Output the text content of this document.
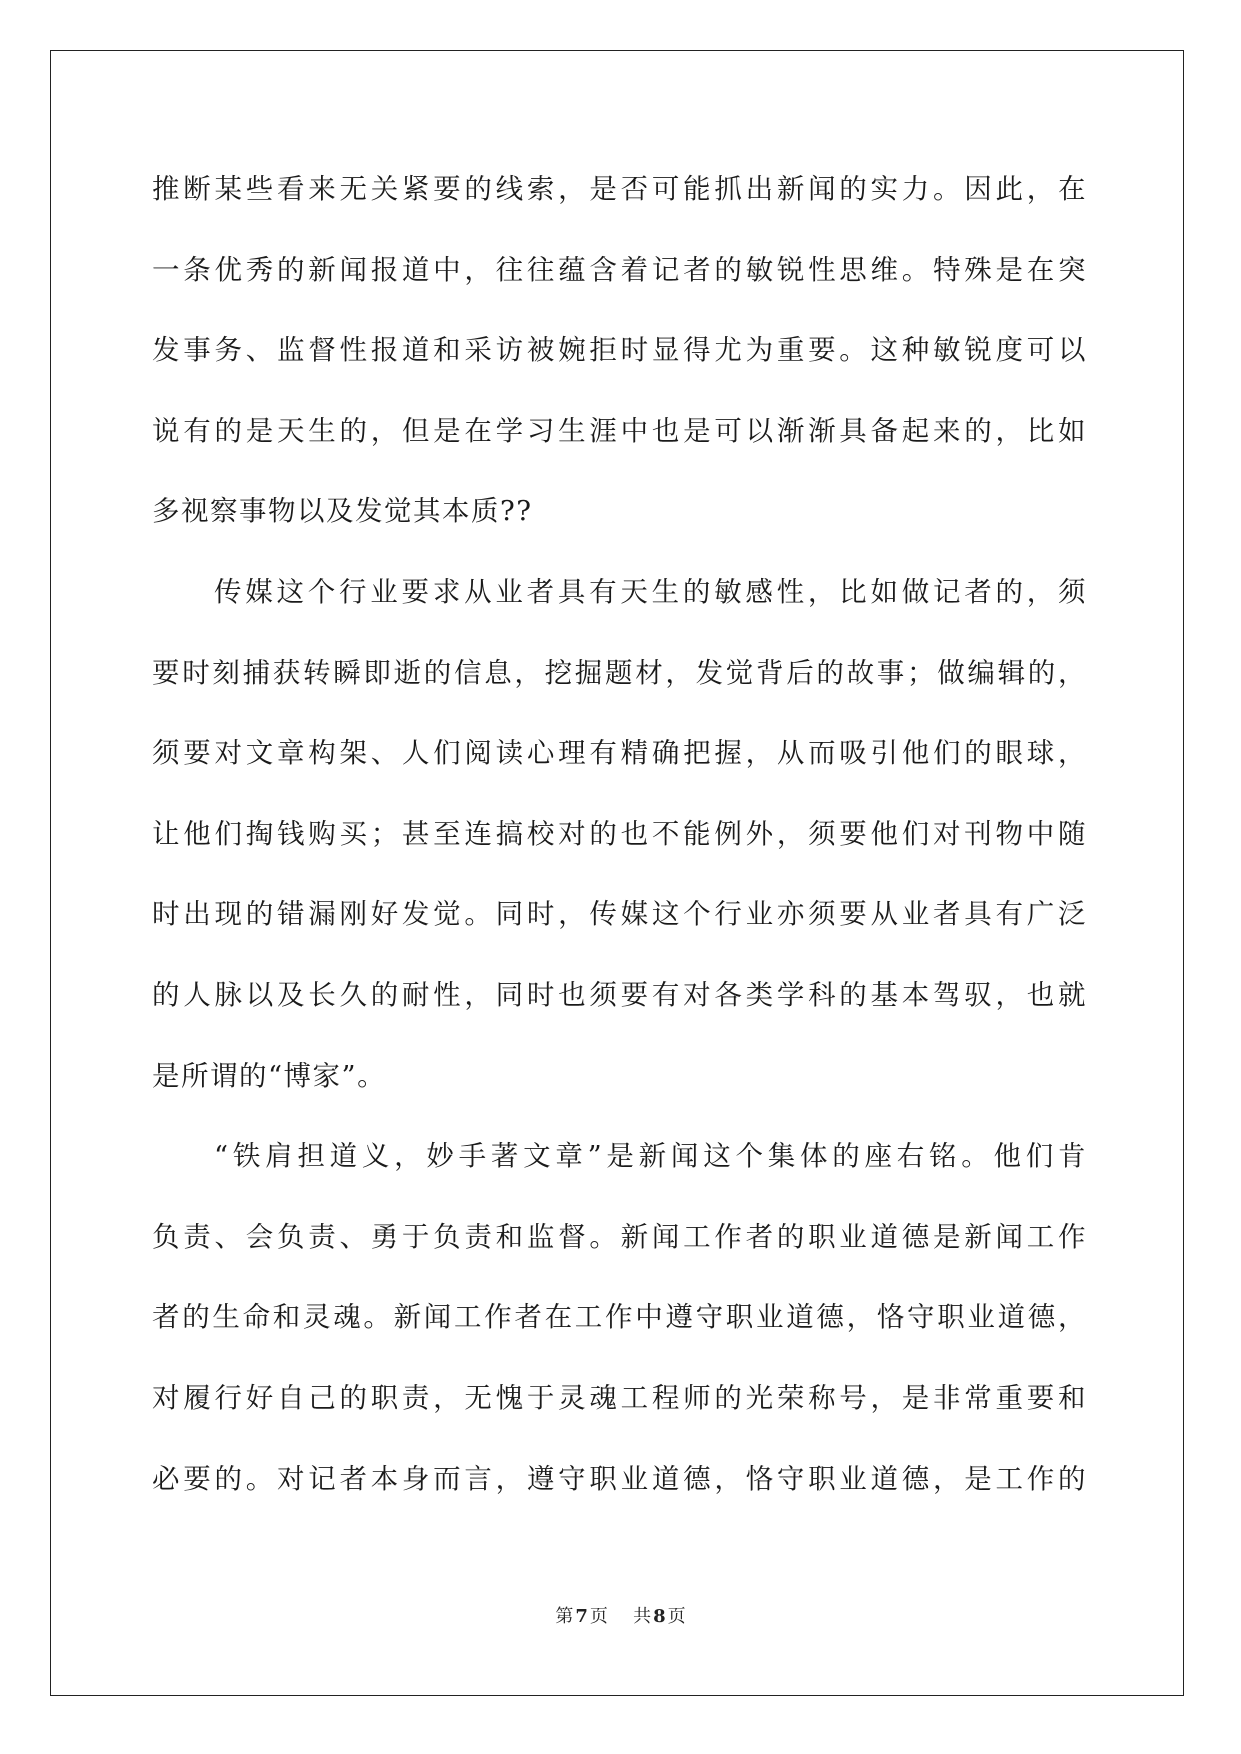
推断某些看来无关紧要的线索，是否可能抓出新闻的实力。因此，在
一条优秀的新闻报道中，往往蕴含着记者的敏锐性思维。特殊是在突
发事务、监督性报道和采访被婉拒时显得尤为重要。这种敏锐度可以
说有的是天生的，但是在学习生涯中也是可以渐渐具备起来的，比如
多视察事物以及发觉其本质??
传媒这个行业要求从业者具有天生的敏感性，比如做记者的，须
要时刻捕获转瞬即逝的信息，挖掘题材，发觉背后的故事；做编辑的，
须要对文章构架、人们阅读心理有精确把握，从而吸引他们的眼球，
让他们掏钱购买；甚至连搞校对的也不能例外，须要他们对刊物中随
时出现的错漏刚好发觉。同时，传媒这个行业亦须要从业者具有广泛
的人脉以及长久的耐性，同时也须要有对各类学科的基本驾驭，也就
是所谓的“博家”。
“铁肩担道义，妙手著文章”是新闻这个集体的座右铭。他们肯
负责、会负责、勇于负责和监督。新闻工作者的职业道德是新闻工作
者的生命和灵魂。新闻工作者在工作中遵守职业道德，恪守职业道德，
对履行好自己的职责，无愧于灵魂工程师的光荣称号，是非常重要和
必要的。对记者本身而言，遵守职业道德，恪守职业道德，是工作的
第 7 页 共 8 页
